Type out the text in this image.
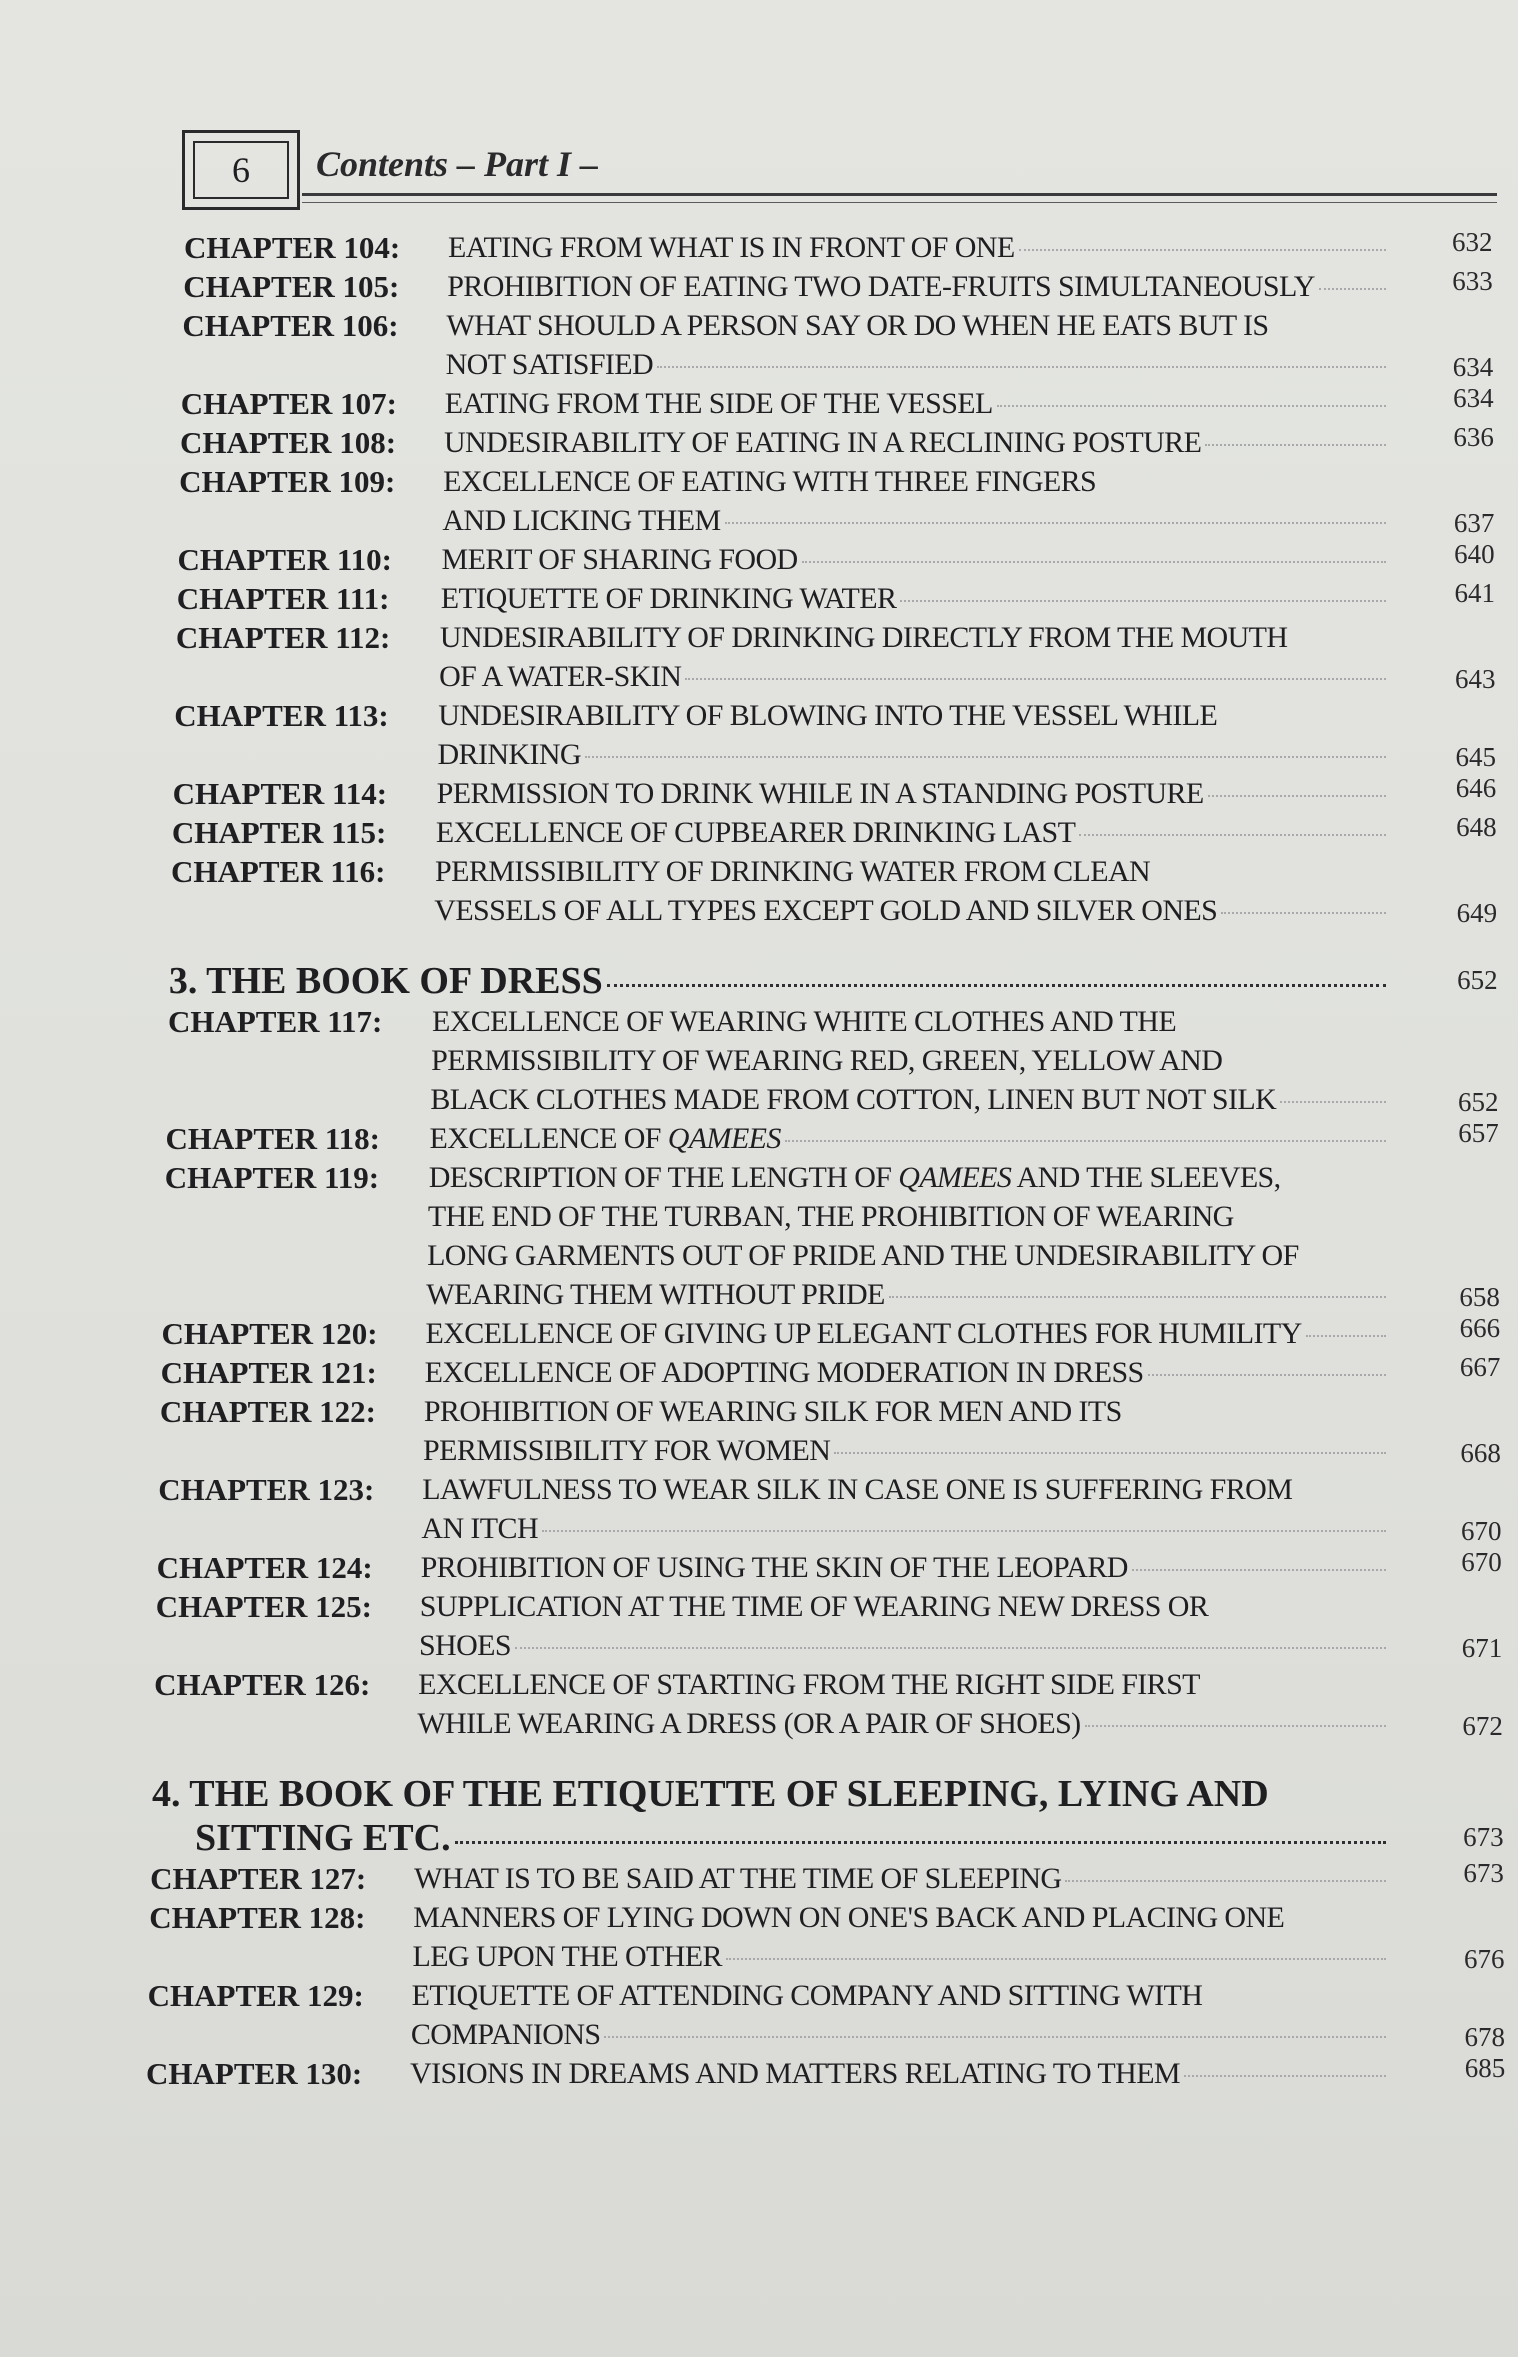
6	Contents – Part I –
CHAPTER 104: EATING FROM WHAT IS IN FRONT OF ONE	632
CHAPTER 105: PROHIBITION OF EATING TWO DATE-FRUITS SIMULTANEOUSLY	633
CHAPTER 106: WHAT SHOULD A PERSON SAY OR DO WHEN HE EATS BUT IS
NOT SATISFIED	634
CHAPTER 107: EATING FROM THE SIDE OF THE VESSEL	634
CHAPTER 108: UNDESIRABILITY OF EATING IN A RECLINING POSTURE	636
CHAPTER 109: EXCELLENCE OF EATING WITH THREE FINGERS
AND LICKING THEM	637
CHAPTER 110: MERIT OF SHARING FOOD	640
CHAPTER 111: ETIQUETTE OF DRINKING WATER	641
CHAPTER 112: UNDESIRABILITY OF DRINKING DIRECTLY FROM THE MOUTH
OF A WATER-SKIN	643
CHAPTER 113: UNDESIRABILITY OF BLOWING INTO THE VESSEL WHILE
DRINKING	645
CHAPTER 114: PERMISSION TO DRINK WHILE IN A STANDING POSTURE	646
CHAPTER 115: EXCELLENCE OF CUPBEARER DRINKING LAST	648
CHAPTER 116: PERMISSIBILITY OF DRINKING WATER FROM CLEAN
VESSELS OF ALL TYPES EXCEPT GOLD AND SILVER ONES	649
3. THE BOOK OF DRESS	652
CHAPTER 117: EXCELLENCE OF WEARING WHITE CLOTHES AND THE
PERMISSIBILITY OF WEARING RED, GREEN, YELLOW AND
BLACK CLOTHES MADE FROM COTTON, LINEN BUT NOT SILK	652
CHAPTER 118: EXCELLENCE OF QAMEES	657
CHAPTER 119: DESCRIPTION OF THE LENGTH OF QAMEES AND THE SLEEVES,
THE END OF THE TURBAN, THE PROHIBITION OF WEARING
LONG GARMENTS OUT OF PRIDE AND THE UNDESIRABILITY OF
WEARING THEM WITHOUT PRIDE	658
CHAPTER 120: EXCELLENCE OF GIVING UP ELEGANT CLOTHES FOR HUMILITY	666
CHAPTER 121: EXCELLENCE OF ADOPTING MODERATION IN DRESS	667
CHAPTER 122: PROHIBITION OF WEARING SILK FOR MEN AND ITS
PERMISSIBILITY FOR WOMEN	668
CHAPTER 123: LAWFULNESS TO WEAR SILK IN CASE ONE IS SUFFERING FROM
AN ITCH	670
CHAPTER 124: PROHIBITION OF USING THE SKIN OF THE LEOPARD	670
CHAPTER 125: SUPPLICATION AT THE TIME OF WEARING NEW DRESS OR
SHOES	671
CHAPTER 126: EXCELLENCE OF STARTING FROM THE RIGHT SIDE FIRST
WHILE WEARING A DRESS (OR A PAIR OF SHOES)	672
4. THE BOOK OF THE ETIQUETTE OF SLEEPING, LYING AND
SITTING ETC.	673
CHAPTER 127: WHAT IS TO BE SAID AT THE TIME OF SLEEPING	673
CHAPTER 128: MANNERS OF LYING DOWN ON ONE'S BACK AND PLACING ONE
LEG UPON THE OTHER	676
CHAPTER 129: ETIQUETTE OF ATTENDING COMPANY AND SITTING WITH
COMPANIONS	678
CHAPTER 130: VISIONS IN DREAMS AND MATTERS RELATING TO THEM	685
